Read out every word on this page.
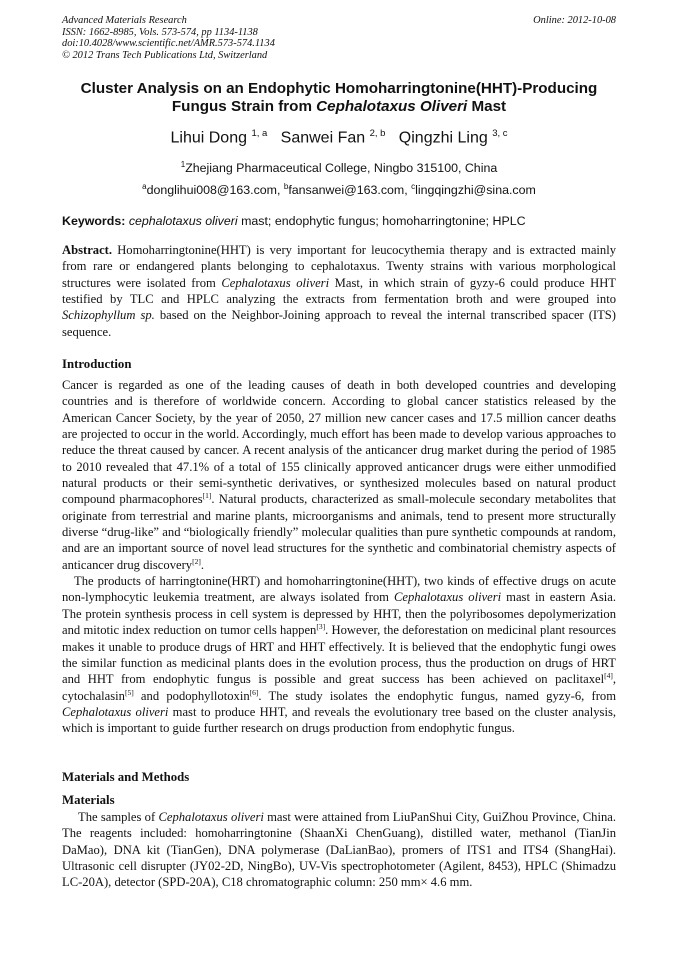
Advanced Materials Research
ISSN: 1662-8985, Vols. 573-574, pp 1134-1138
doi:10.4028/www.scientific.net/AMR.573-574.1134
© 2012 Trans Tech Publications Ltd, Switzerland
Online: 2012-10-08
Cluster Analysis on an Endophytic Homoharringtonine(HHT)-Producing
Fungus Strain from Cephalotaxus Oliveri Mast
Lihui Dong $^{1, a}$ Sanwei Fan $^{2, b}$ Qingzhi Ling $^{3, c}$
$^1$Zhejiang Pharmaceutical College, Ningbo 315100, China
$^a$donglihui008@163.com, $^b$fansanwei@163.com, $^c$lingqingzhi@sina.com
Keywords: cephalotaxus oliveri mast; endophytic fungus; homoharringtonine; HPLC
Abstract. Homoharringtonine(HHT) is very important for leucocythemia therapy and is extracted mainly from rare or endangered plants belonging to cephalotaxus. Twenty strains with various morphological structures were isolated from Cephalotaxus oliveri Mast, in which strain of gyzy-6 could produce HHT testified by TLC and HPLC analyzing the extracts from fermentation broth and were grouped into Schizophyllum sp. based on the Neighbor-Joining approach to reveal the internal transcribed spacer (ITS) sequence.
Introduction

Cancer is regarded as one of the leading causes of death in both developed countries and developing countries and is therefore of worldwide concern. According to global cancer statistics released by the American Cancer Society, by the year of 2050, 27 million new cancer cases and 17.5 million cancer deaths are projected to occur in the world. Accordingly, much effort has been made to develop various approaches to reduce the threat caused by cancer. A recent analysis of the anticancer drug market during the period of 1985 to 2010 revealed that 47.1% of a total of 155 clinically approved anticancer drugs were either unmodified natural products or their semi-synthetic derivatives, or synthesized molecules based on natural product compound pharmacophores[1]. Natural products, characterized as small-molecule secondary metabolites that originate from terrestrial and marine plants, microorganisms and animals, tend to present more structurally diverse “drug-like” and “biologically friendly” molecular qualities than pure synthetic compounds at random, and are an important source of novel lead structures for the synthetic and combinatorial chemistry aspects of anticancer drug discovery[2].

The products of harringtonine(HRT) and homoharringtonine(HHT), two kinds of effective drugs on acute non-lymphocytic leukemia treatment, are always isolated from Cephalotaxus oliveri mast in eastern Asia. The protein synthesis process in cell system is depressed by HHT, then the polyribosomes depolymerization and mitotic index reduction on tumor cells happen[3]. However, the deforestation on medicinal plant resources makes it unable to produce drugs of HRT and HHT effectively. It is believed that the endophytic fungi owes the similar function as medicinal plants does in the evolution process, thus the production on drugs of HRT and HHT from endophytic fungus is possible and great success has been achieved on paclitaxel[4], cytochalasin[5] and podophyllotoxin[6]. The study isolates the endophytic fungus, named gyzy-6, from Cephalotaxus oliveri mast to produce HHT, and reveals the evolutionary tree based on the cluster analysis, which is important to guide further research on drugs production from endophytic fungus.

Materials and Methods
Materials

The samples of Cephalotaxus oliveri mast were attained from LiuPanShui City, GuiZhou Province, China. The reagents included: homoharringtonine (ShaanXi ChenGuang), distilled water, methanol (TianJin DaMao), DNA kit (TianGen), DNA polymerase (DaLianBao), promers of ITS1 and ITS4 (ShangHai). Ultrasonic cell disrupter (JY02-2D, NingBo), UV-Vis spectrophotometer (Agilent, 8453), HPLC (Shimadzu LC-20A), detector (SPD-20A), C18 chromatographic column: 250 mm× 4.6 mm.
